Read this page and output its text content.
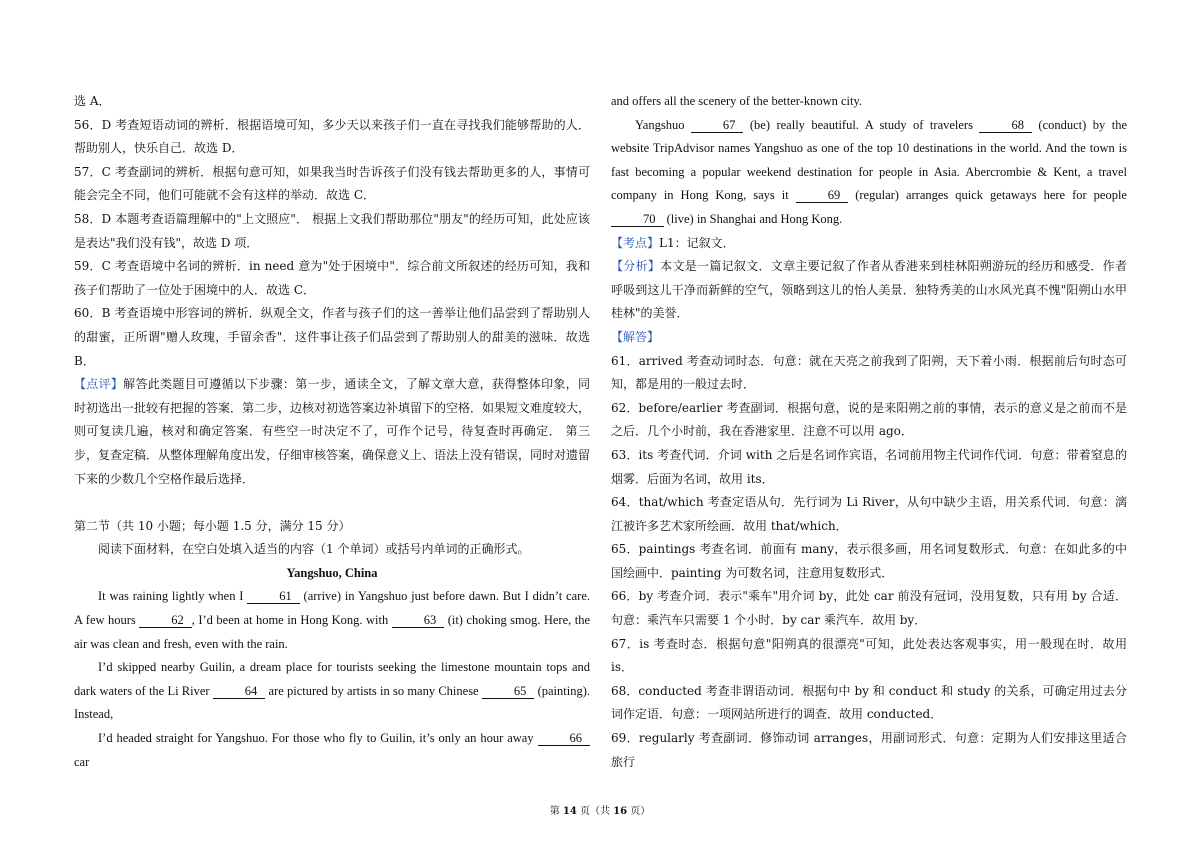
选 A．

56．D 考查短语动词的辨析．根据语境可知，多少天以来孩子们一直在寻找我们能够帮助的人．帮助别人，快乐自己．故选 D．

57．C 考查副词的辨析．根据句意可知，如果我当时告诉孩子们没有钱去帮助更多的人，事情可能会完全不同，他们可能就不会有这样的举动．故选 C．

58．D 本题考查语篇理解中的"上文照应"． 根据上文我们帮助那位"朋友"的经历可知，此处应该是表达"我们没有钱"，故选 D 项．

59．C 考查语境中名词的辨析．in need 意为"处于困境中"．综合前文所叙述的经历可知，我和孩子们帮助了一位处于困境中的人．故选 C．

60．B 考查语境中形容词的辨析．纵观全文，作者与孩子们的这一善举让他们品尝到了帮助别人的甜蜜，正所谓"赠人玫瑰，手留余香"．这件事让孩子们品尝到了帮助别人的甜美的滋味．故选 B．

【点评】解答此类题目可遵循以下步骤：第一步，通读全文，了解文章大意，获得整体印象，同时初选出一批较有把握的答案．第二步，边核对初选答案边补填留下的空格．如果短文难度较大，则可复读几遍，核对和确定答案．有些空一时决定不了，可作个记号，待复查时再确定． 第三步，复查定稿．从整体理解角度出发，仔细审核答案，确保意义上、语法上没有错误，同时对遗留下来的少数几个空格作最后选择．

第二节（共 10 小题；每小题 1.5 分，满分 15 分）

阅读下面材料，在空白处填入适当的内容（1 个单词）或括号内单词的正确形式。

Yangshuo, China

It was raining lightly when I	61 (arrive) in Yangshuo just before dawn. But I didn’t care. A few hours	62 , I’d been at home in Hong Kong. with	63 (it) choking smog. Here, the air was clean and fresh, even with the rain.

I’d skipped nearby Guilin, a dream place for tourists seeking the limestone mountain tops and dark waters of the Li River	64 are pictured by artists in so many Chinese	65 (painting). Instead,

I’d headed straight for Yangshuo. For those who fly to Guilin, it’s only an hour away	66 car

and offers all the scenery of the better-known city.

Yangshuo	67 (be) really beautiful. A study of travelers	68 (conduct) by the website TripAdvisor names Yangshuo as one of the top 10 destinations in the world. And the town is fast becoming a popular weekend destination for people in Asia. Abercrombie & Kent, a travel company in Hong Kong, says it	69 (regular) arranges quick getaways here for people 70 (live) in Shanghai and Hong Kong.

【考点】L1：记叙文．

【分析】本文是一篇记叙文．文章主要记叙了作者从香港来到桂林阳朔游玩的经历和感受．作者呼吸到这儿干净而新鲜的空气，领略到这儿的怡人美景．独特秀美的山水风光真不愧"阳朔山水甲桂林"的美誉．

【解答】

61．arrived 考查动词时态．句意：就在天亮之前我到了阳朔，天下着小雨．根据前后句时态可知，都是用的一般过去时．

62．before/earlier 考查副词．根据句意，说的是来阳朔之前的事情，表示的意义是之前而不是之后．几个小时前，我在香港家里．注意不可以用 ago．

63．its 考查代词．介词 with 之后是名词作宾语，名词前用物主代词作代词．句意：带着窒息的烟雾．后面为名词，故用 its．

64．that/which 考查定语从句．先行词为 Li River，从句中缺少主语，用关系代词．句意：漓江被许多艺术家所绘画．故用 that/which．

65．paintings 考查名词．前面有 many，表示很多画，用名词复数形式．句意：在如此多的中国绘画中．painting 为可数名词，注意用复数形式．

66．by 考查介词．表示"乘车"用介词 by，此处 car 前没有冠词，没用复数，只有用 by 合适．句意：乘汽车只需要 1 个小时．by car 乘汽车．故用 by．

67．is 考查时态．根据句意"阳朔真的很漂亮"可知，此处表达客观事实，用一般现在时．故用 is．

68．conducted 考查非谓语动词．根据句中 by 和 conduct 和 study 的关系，可确定用过去分词作定语．句意：一项网站所进行的调查．故用 conducted．

69．regularly 考查副词．修饰动词 arranges，用副词形式．句意：定期为人们安排这里适合旅行

第 14 页（共 16 页）
